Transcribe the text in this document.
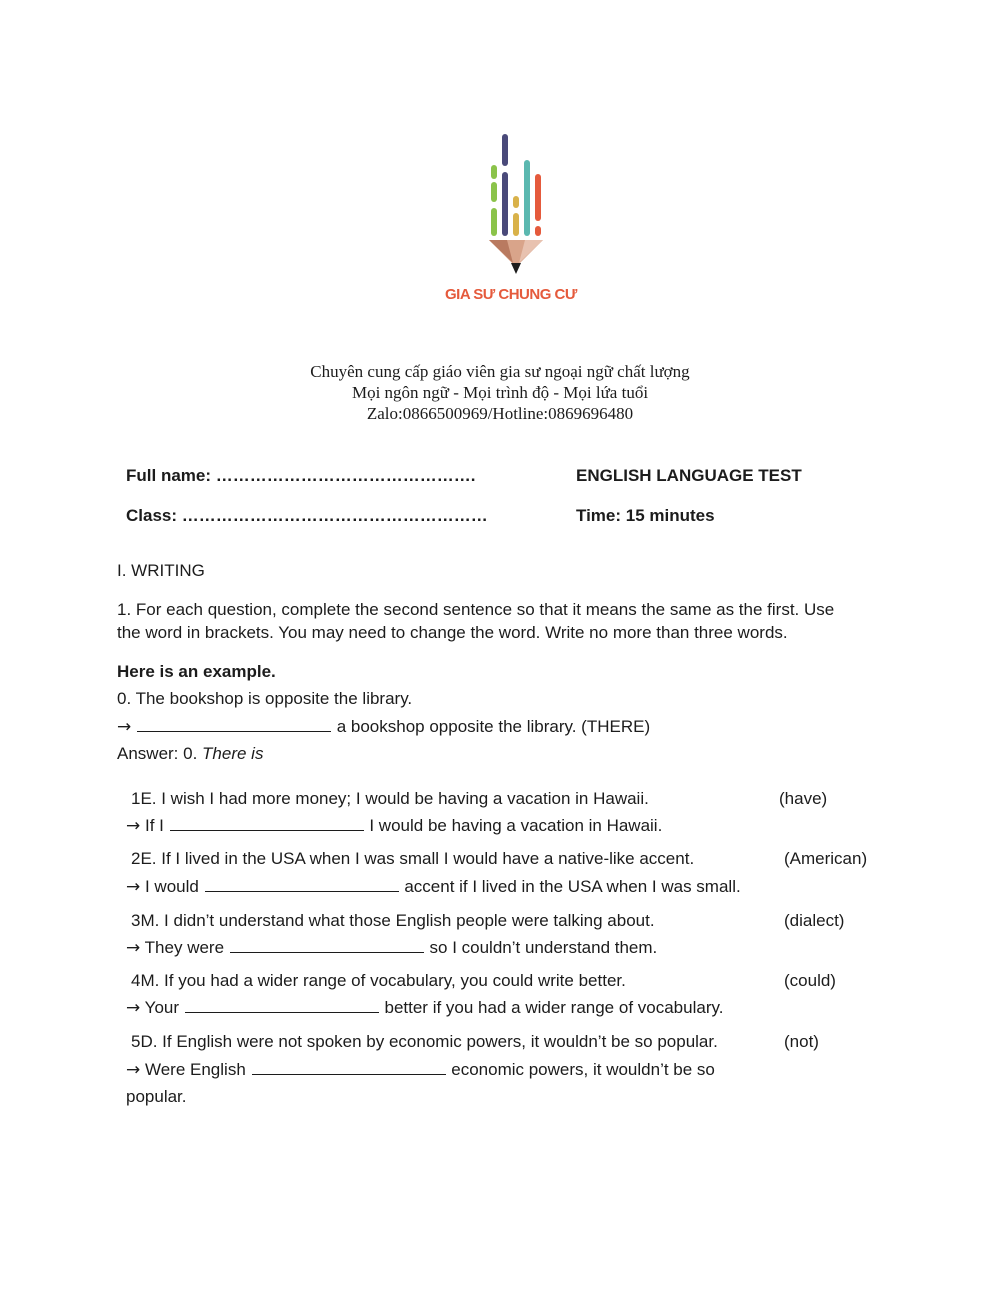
GIA SƯ CHUNG CƯ
Chuyên cung cấp giáo viên gia sư ngoại ngữ chất lượng
Mọi ngôn ngữ - Mọi trình độ - Mọi lứa tuổi
Zalo:0866500969/Hotline:0869696480
Full name: ……………………………………….	ENGLISH LANGUAGE TEST
Class: ………………………………………………	Time: 15 minutes
I. WRITING
1. For each question, complete the second sentence so that it means the same as the first. Use
the word in brackets. You may need to change the word. Write no more than three words.
Here is an example.
0. The bookshop is opposite the library.
→	a bookshop opposite the library. (THERE)
Answer: 0. There is
1E. I wish I had more money; I would be having a vacation in Hawaii.	(have)
→ If I	I would be having a vacation in Hawaii.
2E. If I lived in the USA when I was small I would have a native-like accent.	(American)
→ I would	accent if I lived in the USA when I was small.
3M. I didn’t understand what those English people were talking about.	(dialect)
→ They were	so I couldn’t understand them.
4M. If you had a wider range of vocabulary, you could write better.	(could)
→ Your	better if you had a wider range of vocabulary.
5D. If English were not spoken by economic powers, it wouldn’t be so popular.	(not)
→ Were English	economic powers, it wouldn’t be so
popular.
